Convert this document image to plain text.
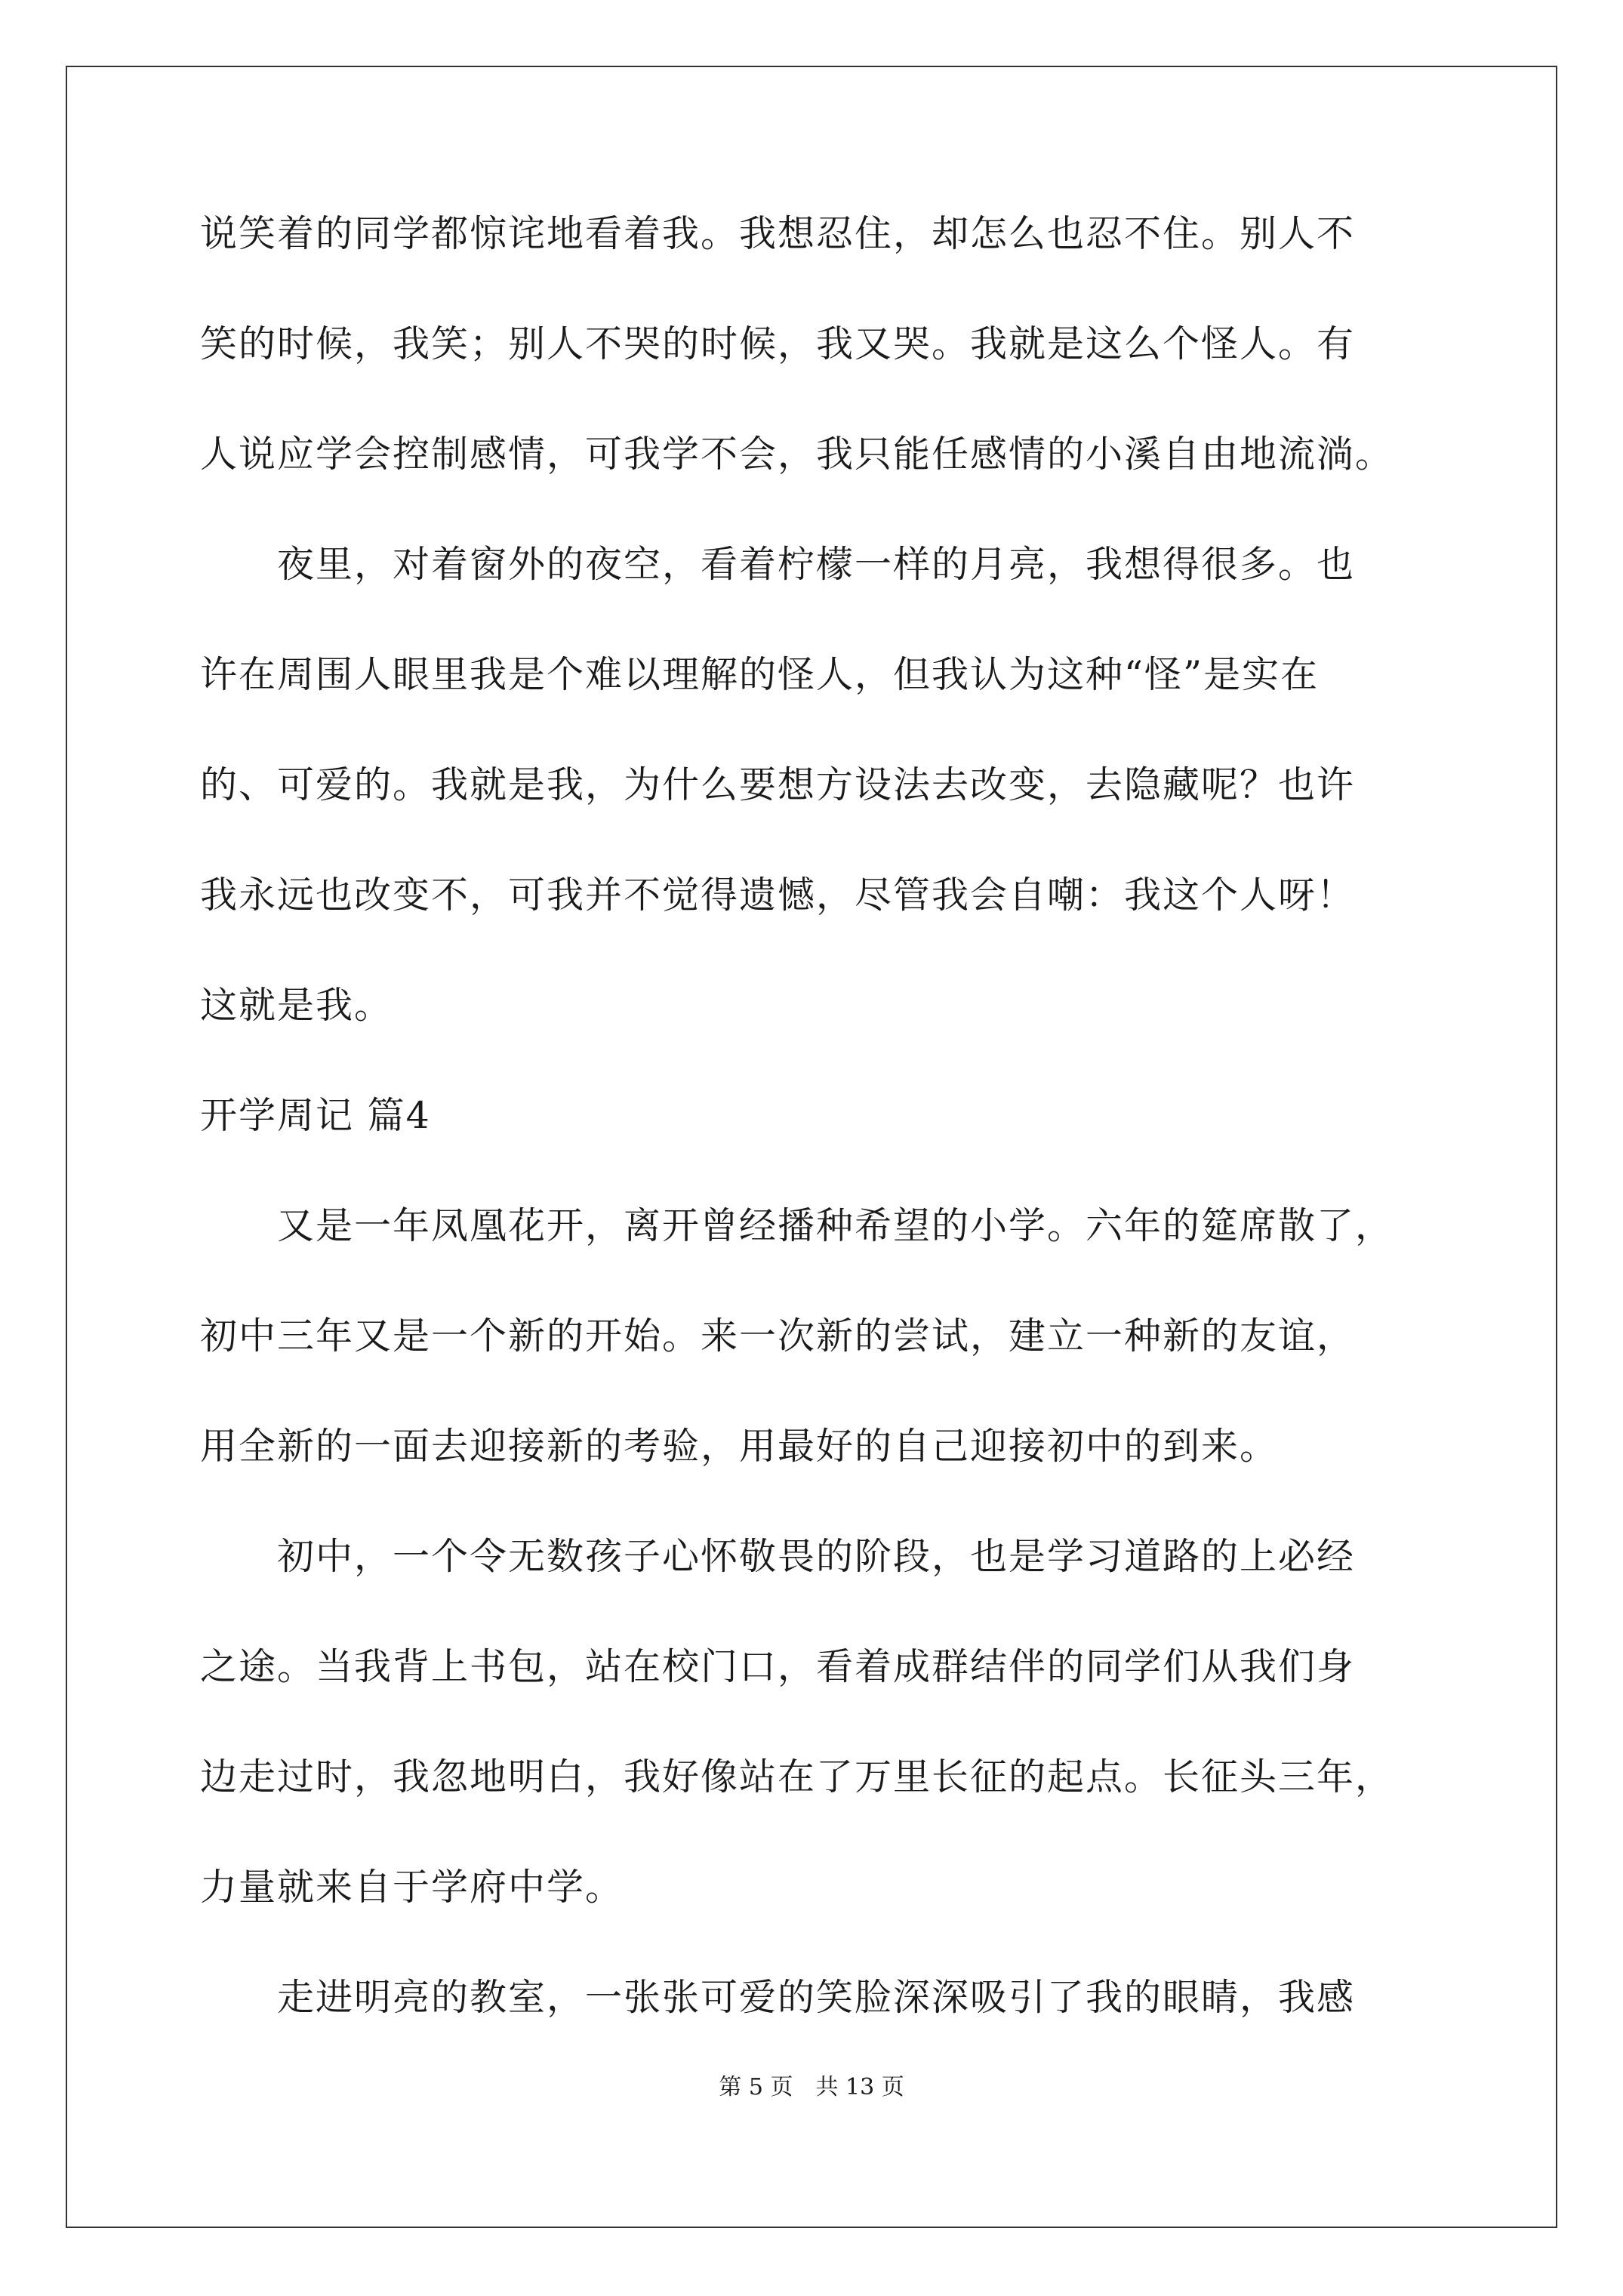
说笑着的同学都惊诧地看着我。我想忍住，却怎么也忍不住。别人不
笑的时候，我笑；别人不哭的时候，我又哭。我就是这么个怪人。有
人说应学会控制感情，可我学不会，我只能任感情的小溪自由地流淌。
　　夜里，对着窗外的夜空，看着柠檬一样的月亮，我想得很多。也
许在周围人眼里我是个难以理解的怪人，但我认为这种“怪”是实在
的、可爱的。我就是我，为什么要想方设法去改变，去隐藏呢？也许
我永远也改变不，可我并不觉得遗憾，尽管我会自嘲：我这个人呀！
这就是我。
开学周记 篇4
　　又是一年凤凰花开，离开曾经播种希望的小学。六年的筵席散了，
初中三年又是一个新的开始。来一次新的尝试，建立一种新的友谊，
用全新的一面去迎接新的考验，用最好的自己迎接初中的到来。
　　初中，一个令无数孩子心怀敬畏的阶段，也是学习道路的上必经
之途。当我背上书包，站在校门口，看着成群结伴的同学们从我们身
边走过时，我忽地明白，我好像站在了万里长征的起点。长征头三年，
力量就来自于学府中学。
　　走进明亮的教室，一张张可爱的笑脸深深吸引了我的眼睛，我感
第 5 页　共 13 页
